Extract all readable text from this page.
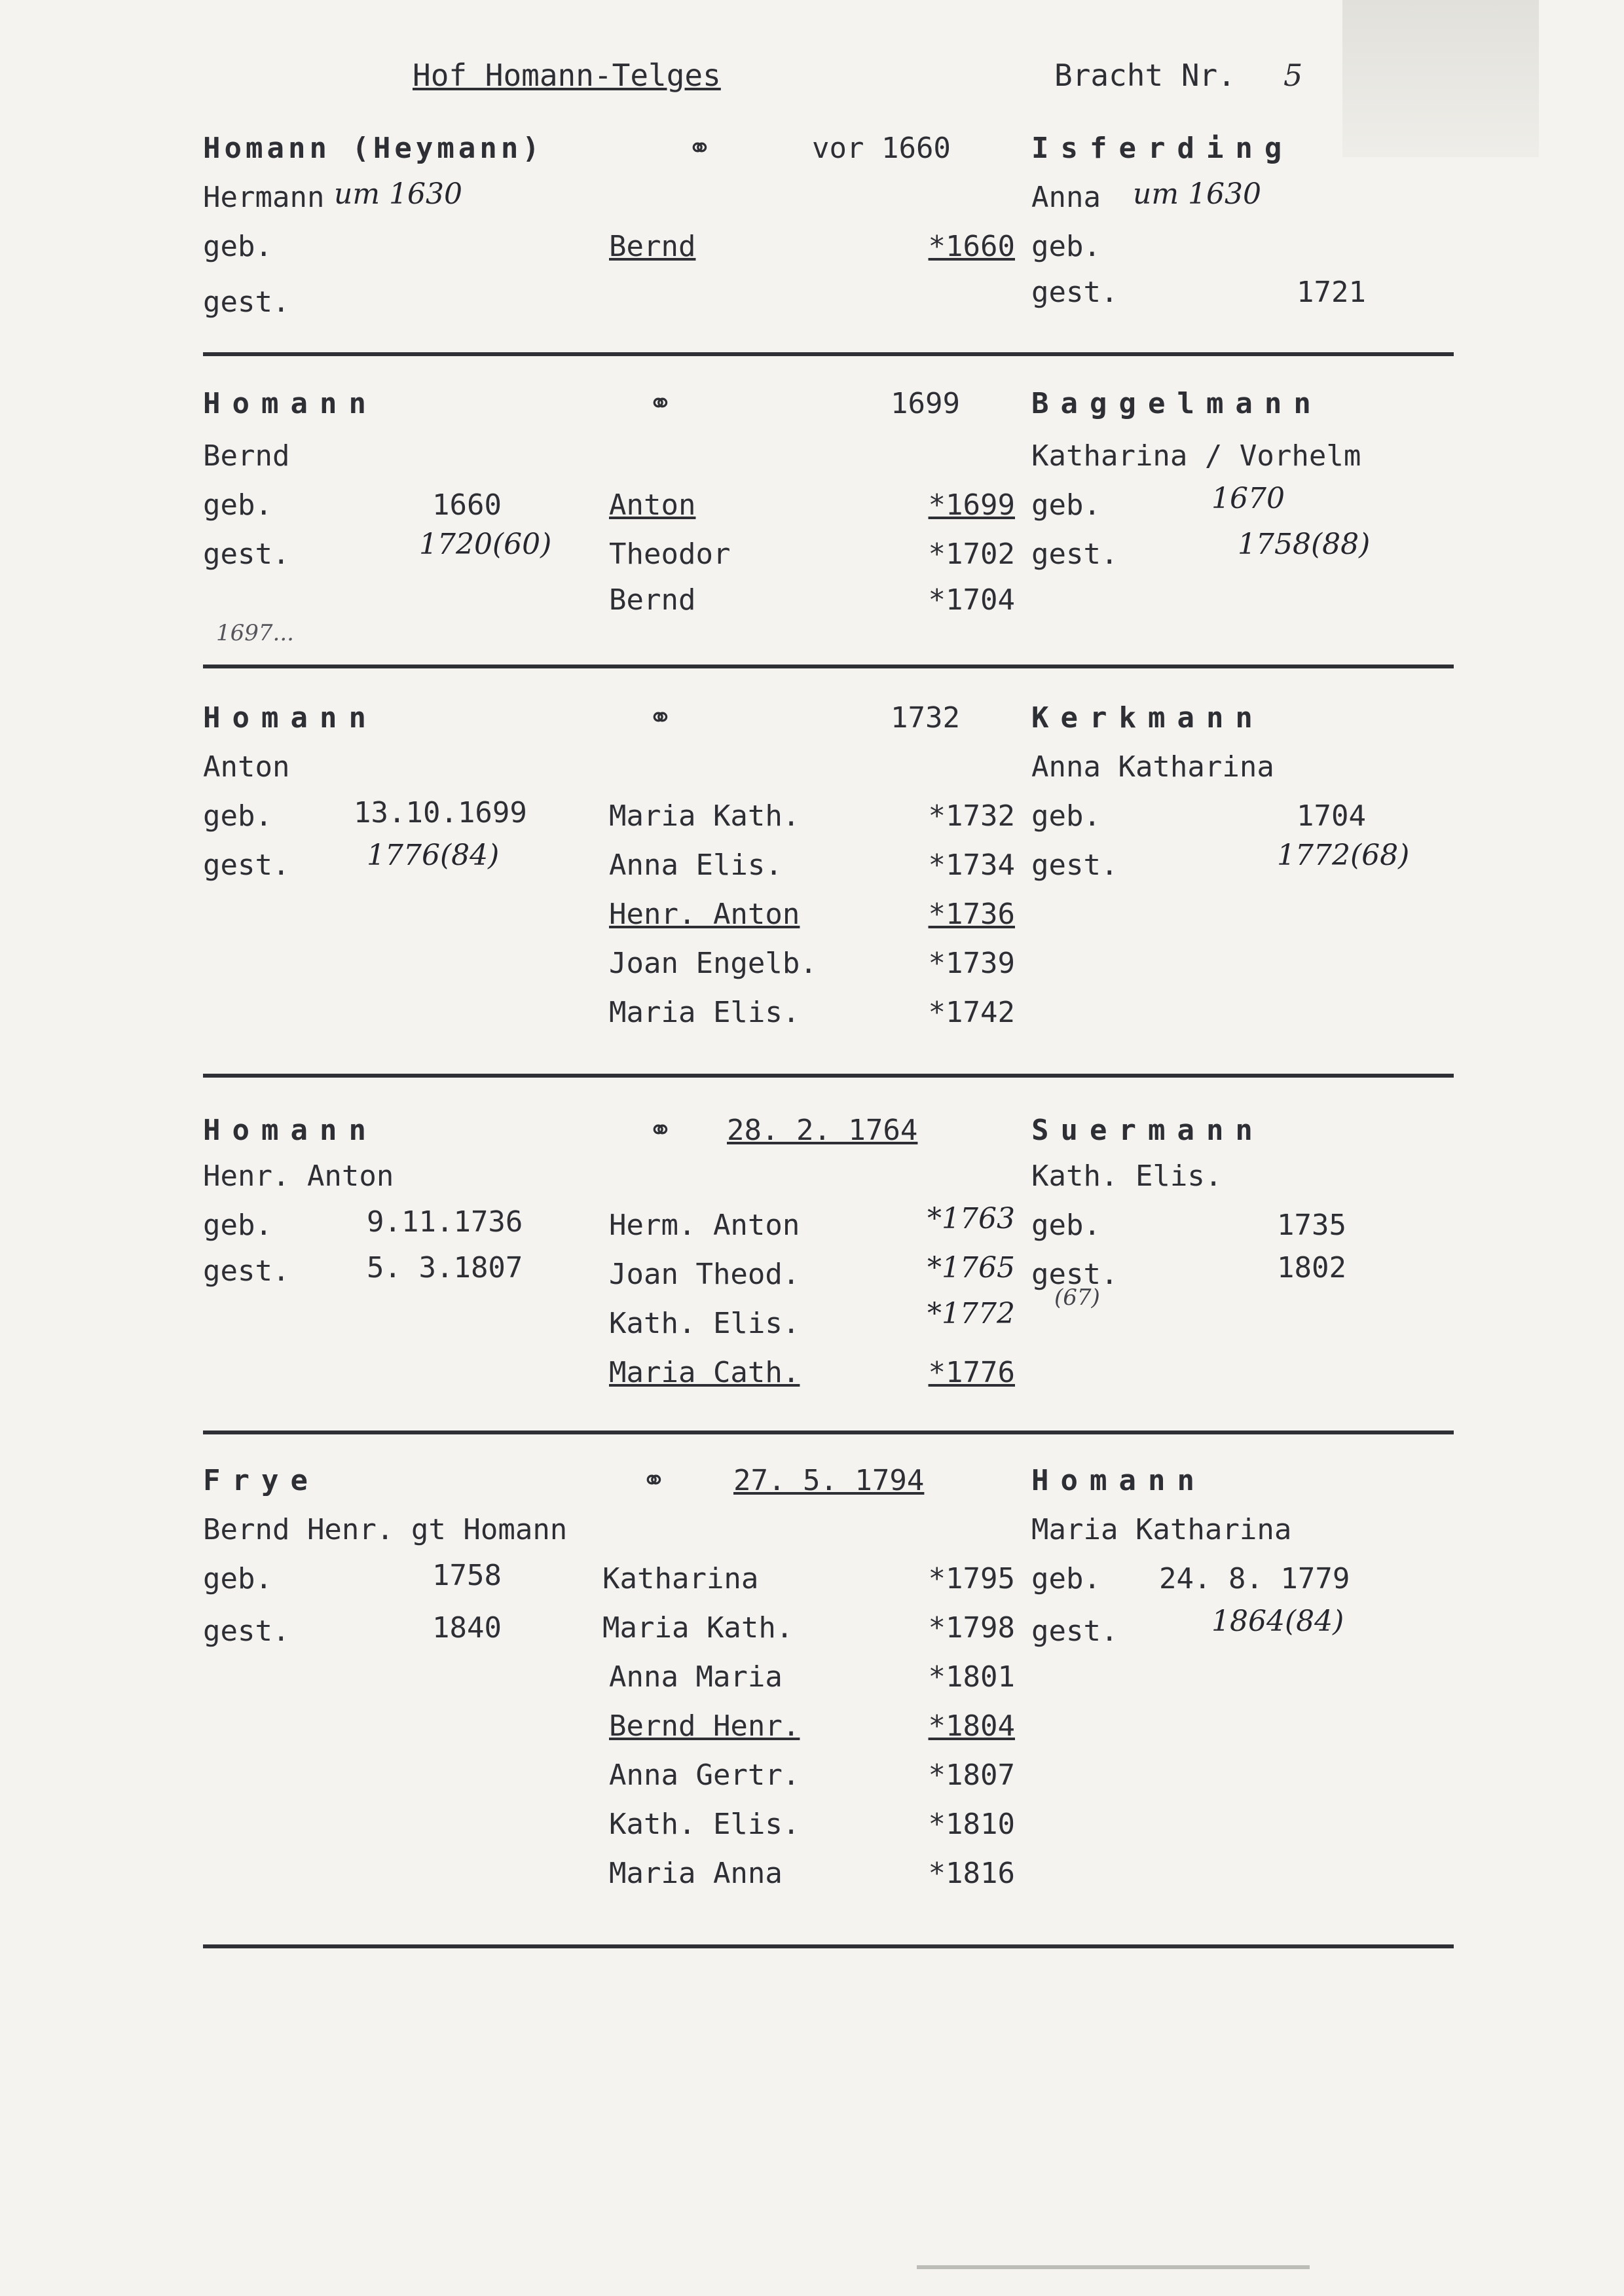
Hof Homann-Telges	Bracht Nr. 5
Homann (Heymann)
Hermann um 1630
geb.
gest.
⚭	vor 1660
Bernd	*1660
Isferding
Anna um 1630
geb.
gest.	1721
Homann
Bernd
geb.	1660
gest.	1720(60)
1697...
⚭	1699
Anton	*1699
Theodor	*1702
Bernd	*1704
Baggelmann
Katharina / Vorhelm
geb.	1670
gest.	1758(88)
Homann
Anton
geb.	13.10.1699
gest.	1776(84)
⚭	1732
Maria Kath.	*1732
Anna Elis.	*1734
Henr. Anton	*1736
Joan Engelb.	*1739
Maria Elis.	*1742
Kerkmann
Anna Katharina
geb.	1704
gest.	1772(68)
Homann
Henr. Anton
geb.	9.11.1736
gest.	5. 3.1807
⚭ 28. 2. 1764
Herm. Anton	*1763
Joan Theod.	*1765
Kath. Elis.	*1772
Maria Cath.	*1776
Suermann
Kath. Elis.
geb.	1735
gest.	1802
(67)
Frye
Bernd Henr. gt Homann
geb.	1758
gest.	1840
⚭ 27. 5. 1794
Katharina	*1795
Maria Kath.	*1798
Anna Maria	*1801
Bernd Henr.	*1804
Anna Gertr.	*1807
Kath. Elis.	*1810
Maria Anna	*1816
Homann
Maria Katharina
geb. 24. 8. 1779
gest.	1864(84)
